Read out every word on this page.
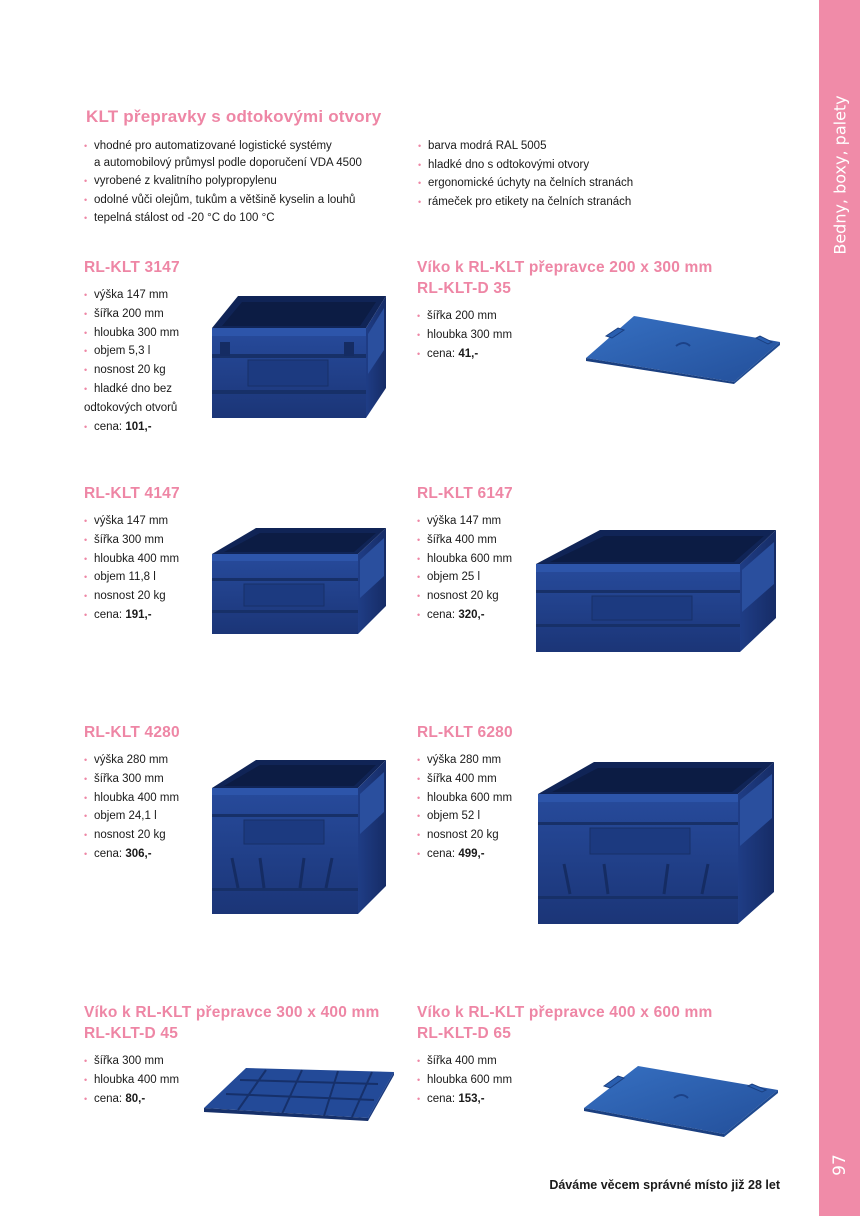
Bedny, boxy, palety
97
KLT přepravky s odtokovými otvory
• vhodné pro automatizované logistické systémy
a automobilový průmysl podle doporučení VDA 4500
• vyrobené z kvalitního polypropylenu
• odolné vůči olejům, tukům a většině kyselin a louhů
• tepelná stálost od -20 °C do 100 °C
• barva modrá RAL 5005
• hladké dno s odtokovými otvory
• ergonomické úchyty na čelních stranách
• rámeček pro etikety na čelních stranách
RL-KLT 3147
• výška 147 mm
• šířka 200 mm
• hloubka 300 mm
• objem 5,3 l
• nosnost 20 kg
• hladké dno bez
odtokových otvorů
• cena: 101,-
Víko k RL-KLT přepravce 200 x 300 mm
RL-KLT-D 35
• šířka 200 mm
• hloubka 300 mm
• cena: 41,-
RL-KLT 4147
• výška 147 mm
• šířka 300 mm
• hloubka 400 mm
• objem 11,8 l
• nosnost 20 kg
• cena: 191,-
RL-KLT 6147
• výška 147 mm
• šířka 400 mm
• hloubka 600 mm
• objem 25 l
• nosnost 20 kg
• cena: 320,-
RL-KLT 4280
• výška 280 mm
• šířka 300 mm
• hloubka 400 mm
• objem 24,1 l
• nosnost 20 kg
• cena: 306,-
RL-KLT 6280
• výška 280 mm
• šířka 400 mm
• hloubka 600 mm
• objem 52 l
• nosnost 20 kg
• cena: 499,-
Víko k RL-KLT přepravce 300 x 400 mm
RL-KLT-D 45
• šířka 300 mm
• hloubka 400 mm
• cena: 80,-
Víko k RL-KLT přepravce 400 x 600 mm
RL-KLT-D 65
• šířka 400 mm
• hloubka 600 mm
• cena: 153,-
Dáváme věcem správné místo již 28 let
